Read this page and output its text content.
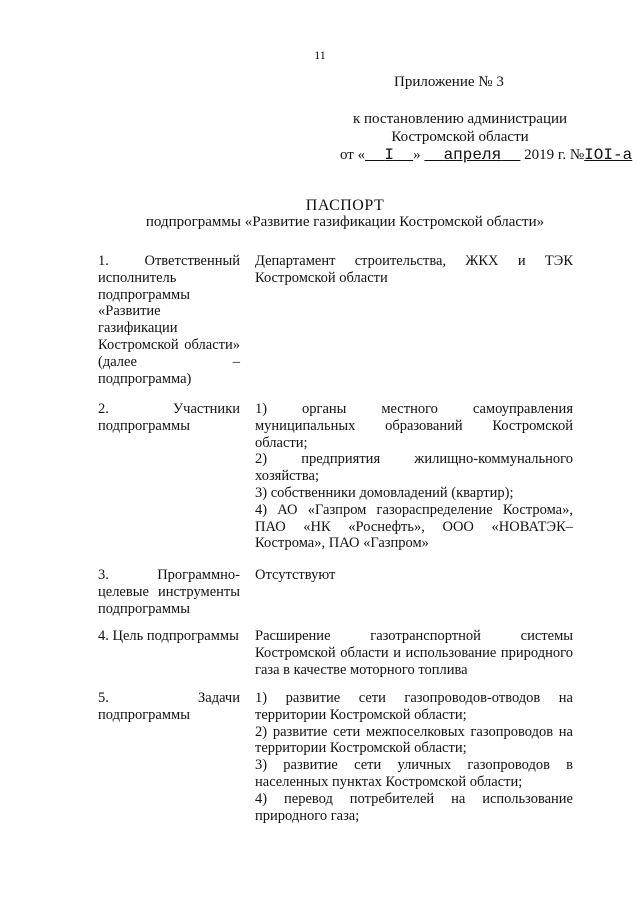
11
Приложение № 3
к постановлению администрации
Костромской области
от « I » апреля 2019 г. №IOI-а
ПАСПОРТ
подпрограммы «Развитие газификации Костромской области»
1. Ответственный исполнитель подпрограммы «Развитие газификации Костромской области» (далее – подпрограмма)
Департамент строительства, ЖКХ и ТЭК Костромской области
2. Участники подпрограммы
1) органы местного самоуправления муниципальных образований Костромской области;
2) предприятия жилищно-коммунального хозяйства;
3) собственники домовладений (квартир);
4) АО «Газпром газораспределение Кострома», ПАО «НК «Роснефть», ООО «НОВАТЭК–Кострома», ПАО «Газпром»
3. Программно-целевые инструменты подпрограммы
Отсутствуют
4. Цель подпрограммы Расширение газотранспортной системы Костромской области и использование природного газа в качестве моторного топлива
5. Задачи подпрограммы
1) развитие сети газопроводов-отводов на территории Костромской области;
2) развитие сети межпоселковых газопроводов на территории Костромской области;
3) развитие сети уличных газопроводов в населенных пунктах Костромской области;
4) перевод потребителей на использование природного газа;
